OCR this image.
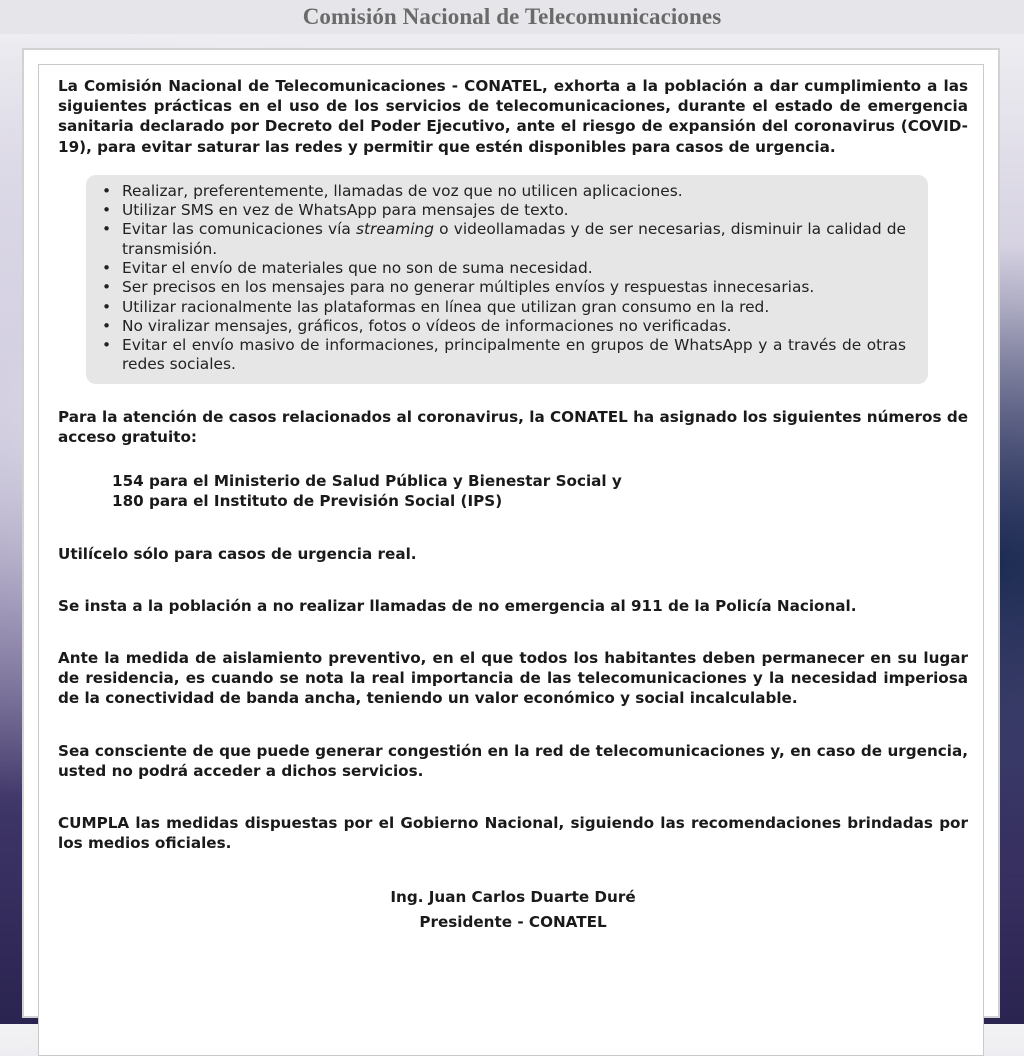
Comisión Nacional de Telecomunicaciones

La Comisión Nacional de Telecomunicaciones - CONATEL, exhorta a la población a dar cumplimiento a las siguientes prácticas en el uso de los servicios de telecomunicaciones, durante el estado de emergencia sanitaria declarado por Decreto del Poder Ejecutivo, ante el riesgo de expansión del coronavirus (COVID-19), para evitar saturar las redes y permitir que estén disponibles para casos de urgencia.

• Realizar, preferentemente, llamadas de voz que no utilicen aplicaciones.
• Utilizar SMS en vez de WhatsApp para mensajes de texto.
• Evitar las comunicaciones vía streaming o videollamadas y de ser necesarias, disminuir la calidad de transmisión.
• Evitar el envío de materiales que no son de suma necesidad.
• Ser precisos en los mensajes para no generar múltiples envíos y respuestas innecesarias.
• Utilizar racionalmente las plataformas en línea que utilizan gran consumo en la red.
• No viralizar mensajes, gráficos, fotos o vídeos de informaciones no verificadas.
• Evitar el envío masivo de informaciones, principalmente en grupos de WhatsApp y a través de otras redes sociales.

Para la atención de casos relacionados al coronavirus, la CONATEL ha asignado los siguientes números de acceso gratuito:

154 para el Ministerio de Salud Pública y Bienestar Social y
180 para el Instituto de Previsión Social (IPS)

Utilícelo sólo para casos de urgencia real.

Se insta a la población a no realizar llamadas de no emergencia al 911 de la Policía Nacional.

Ante la medida de aislamiento preventivo, en el que todos los habitantes deben permanecer en su lugar de residencia, es cuando se nota la real importancia de las telecomunicaciones y la necesidad imperiosa de la conectividad de banda ancha, teniendo un valor económico y social incalculable.

Sea consciente de que puede generar congestión en la red de telecomunicaciones y, en caso de urgencia, usted no podrá acceder a dichos servicios.

CUMPLA las medidas dispuestas por el Gobierno Nacional, siguiendo las recomendaciones brindadas por los medios oficiales.

Ing. Juan Carlos Duarte Duré
Presidente - CONATEL
